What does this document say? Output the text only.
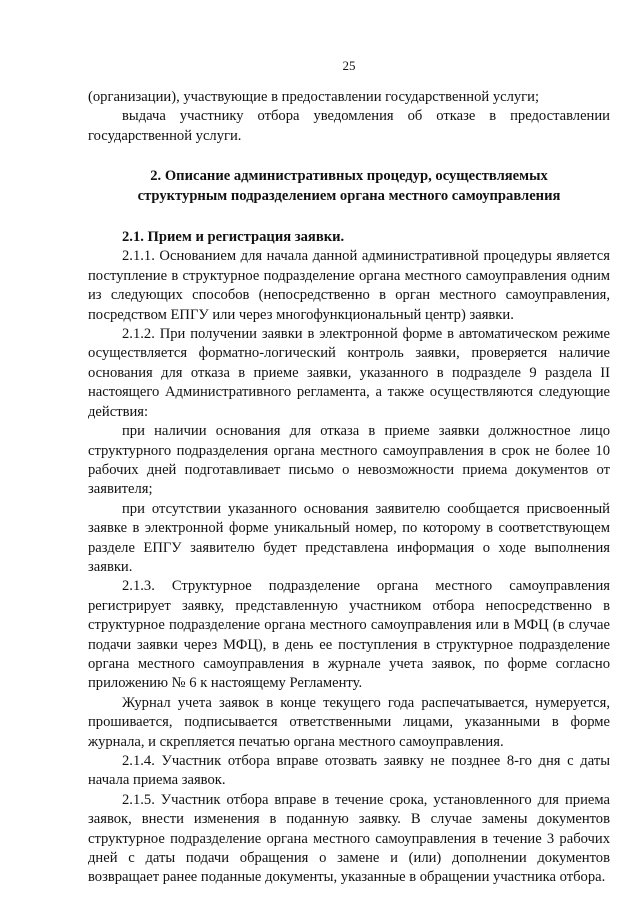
25

(организации), участвующие в предоставлении государственной услуги;

выдача участнику отбора уведомления об отказе в предоставлении государственной услуги.

2. Описание административных процедур, осуществляемых
структурным подразделением органа местного самоуправления

2.1. Прием и регистрация заявки.

2.1.1. Основанием для начала данной административной процедуры является поступление в структурное подразделение органа местного самоуправления одним из следующих способов (непосредственно в орган местного самоуправления, посредством ЕПГУ или через многофункциональный центр) заявки.

2.1.2. При получении заявки в электронной форме в автоматическом режиме осуществляется форматно-логический контроль заявки, проверяется наличие основания для отказа в приеме заявки, указанного в подразделе 9 раздела II настоящего Административного регламента, а также осуществляются следующие действия:

при наличии основания для отказа в приеме заявки должностное лицо структурного подразделения органа местного самоуправления в срок не более 10 рабочих дней подготавливает письмо о невозможности приема документов от заявителя;

при отсутствии указанного основания заявителю сообщается присвоенный заявке в электронной форме уникальный номер, по которому в соответствующем разделе ЕПГУ заявителю будет представлена информация о ходе выполнения заявки.

2.1.3. Структурное подразделение органа местного самоуправления регистрирует заявку, представленную участником отбора непосредственно в структурное подразделение органа местного самоуправления или в МФЦ (в случае подачи заявки через МФЦ), в день ее поступления в структурное подразделение органа местного самоуправления в журнале учета заявок, по форме согласно приложению № 6 к настоящему Регламенту.

Журнал учета заявок в конце текущего года распечатывается, нумеруется, прошивается, подписывается ответственными лицами, указанными в форме журнала, и скрепляется печатью органа местного самоуправления.

2.1.4. Участник отбора вправе отозвать заявку не позднее 8-го дня с даты начала приема заявок.

2.1.5. Участник отбора вправе в течение срока, установленного для приема заявок, внести изменения в поданную заявку. В случае замены документов структурное подразделение органа местного самоуправления в течение 3 рабочих дней с даты подачи обращения о замене и (или) дополнении документов возвращает ранее поданные документы, указанные в обращении участника отбора.
